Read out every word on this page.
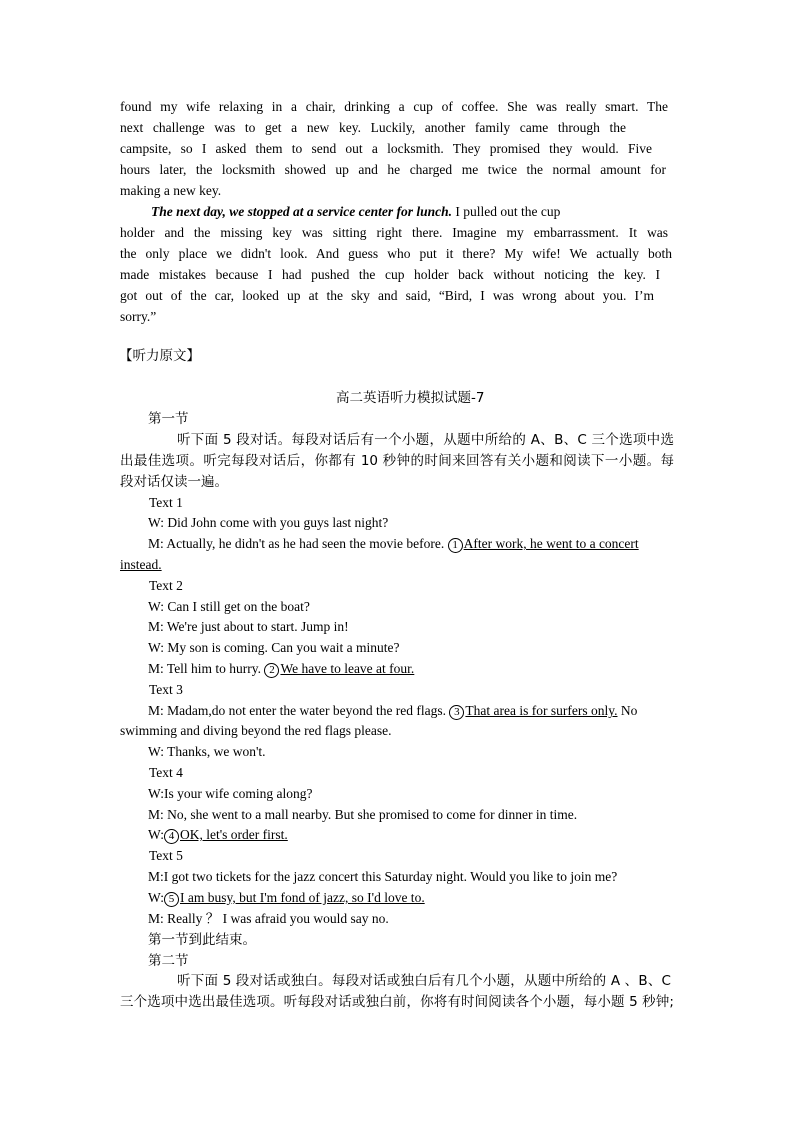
found my wife relaxing in a chair, drinking a cup of coffee. She was really smart. The
next challenge was to get a new key. Luckily, another family came through the
campsite, so I asked them to send out a locksmith. They promised they would. Five
hours later, the locksmith showed up and he charged me twice the normal amount for
making a new key.
The next day, we stopped at a service center for lunch. I pulled out the cup
holder and the missing key was sitting right there. Imagine my embarrassment. It was
the only place we didn't look. And guess who put it there? My wife! We actually both
made mistakes because I had pushed the cup holder back without noticing the key. I
got out of the car, looked up at the sky and said, “Bird, I was wrong about you. I’m
sorry.”
【听力原文】
高二英语听力模拟试题-7
第一节
听下面 5 段对话。每段对话后有一个小题，从题中所给的 A、B、C 三个选项中选
出最佳选项。听完每段对话后，你都有 10 秒钟的时间来回答有关小题和阅读下一小题。每
段对话仅读一遍。
Text 1
W: Did John come with you guys last night?
M: Actually, he didn't as he had seen the movie before. 1 After work, he went to a concert
instead.
Text 2
W: Can I still get on the boat?
M: We're just about to start. Jump in!
W: My son is coming. Can you wait a minute?
M: Tell him to hurry. 2 We have to leave at four.
Text 3
M: Madam,do not enter the water beyond the red flags. 3 That area is for surfers only. No
swimming and diving beyond the red flags please.
W: Thanks, we won't.
Text 4
W:Is your wife coming along?
M: No, she went to a mall nearby. But she promised to come for dinner in time.
W: 4 OK, let's order first.
Text 5
M:I got two tickets for the jazz concert this Saturday night. Would you like to join me?
W: 5 I am busy, but I'm fond of jazz, so I'd love to.
M: Really ？ I was afraid you would say no.
第一节到此结束。
第二节
听下面 5 段对话或独白。每段对话或独白后有几个小题，从题中所给的 A 、B、C
三个选项中选出最佳选项。听每段对话或独白前，你将有时间阅读各个小题，每小题 5 秒钟;
